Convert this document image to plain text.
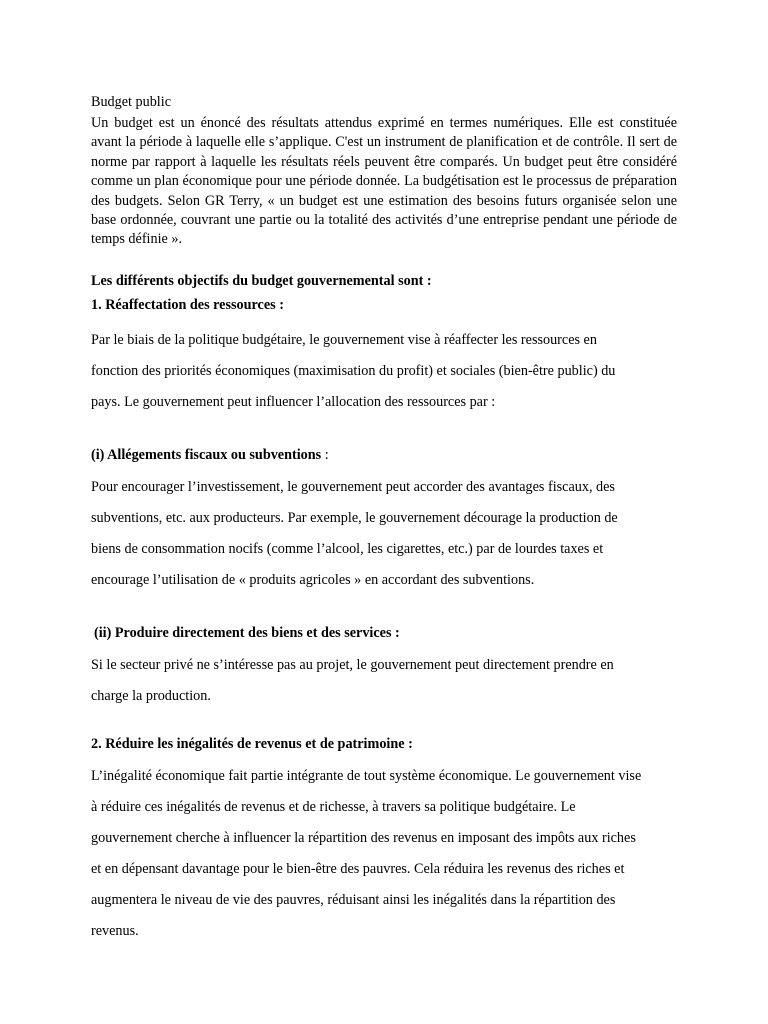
Budget public

Un budget est un énoncé des résultats attendus exprimé en termes numériques. Elle est constituée avant la période à laquelle elle s’applique. C'est un instrument de planification et de contrôle. Il sert de norme par rapport à laquelle les résultats réels peuvent être comparés. Un budget peut être considéré comme un plan économique pour une période donnée. La budgétisation est le processus de préparation des budgets. Selon GR Terry, « un budget est une estimation des besoins futurs organisée selon une base ordonnée, couvrant une partie ou la totalité des activités d’une entreprise pendant une période de temps définie ».

Les différents objectifs du budget gouvernemental sont :

1. Réaffectation des ressources :

Par le biais de la politique budgétaire, le gouvernement vise à réaffecter les ressources en
fonction des priorités économiques (maximisation du profit) et sociales (bien-être public) du
pays. Le gouvernement peut influencer l’allocation des ressources par :

(i) Allégements fiscaux ou subventions :

Pour encourager l’investissement, le gouvernement peut accorder des avantages fiscaux, des
subventions, etc. aux producteurs. Par exemple, le gouvernement décourage la production de
biens de consommation nocifs (comme l’alcool, les cigarettes, etc.) par de lourdes taxes et
encourage l’utilisation de « produits agricoles » en accordant des subventions.

(ii) Produire directement des biens et des services :

Si le secteur privé ne s’intéresse pas au projet, le gouvernement peut directement prendre en
charge la production.

2. Réduire les inégalités de revenus et de patrimoine :

L’inégalité économique fait partie intégrante de tout système économique. Le gouvernement vise
à réduire ces inégalités de revenus et de richesse, à travers sa politique budgétaire. Le
gouvernement cherche à influencer la répartition des revenus en imposant des impôts aux riches
et en dépensant davantage pour le bien-être des pauvres. Cela réduira les revenus des riches et
augmentera le niveau de vie des pauvres, réduisant ainsi les inégalités dans la répartition des
revenus.
